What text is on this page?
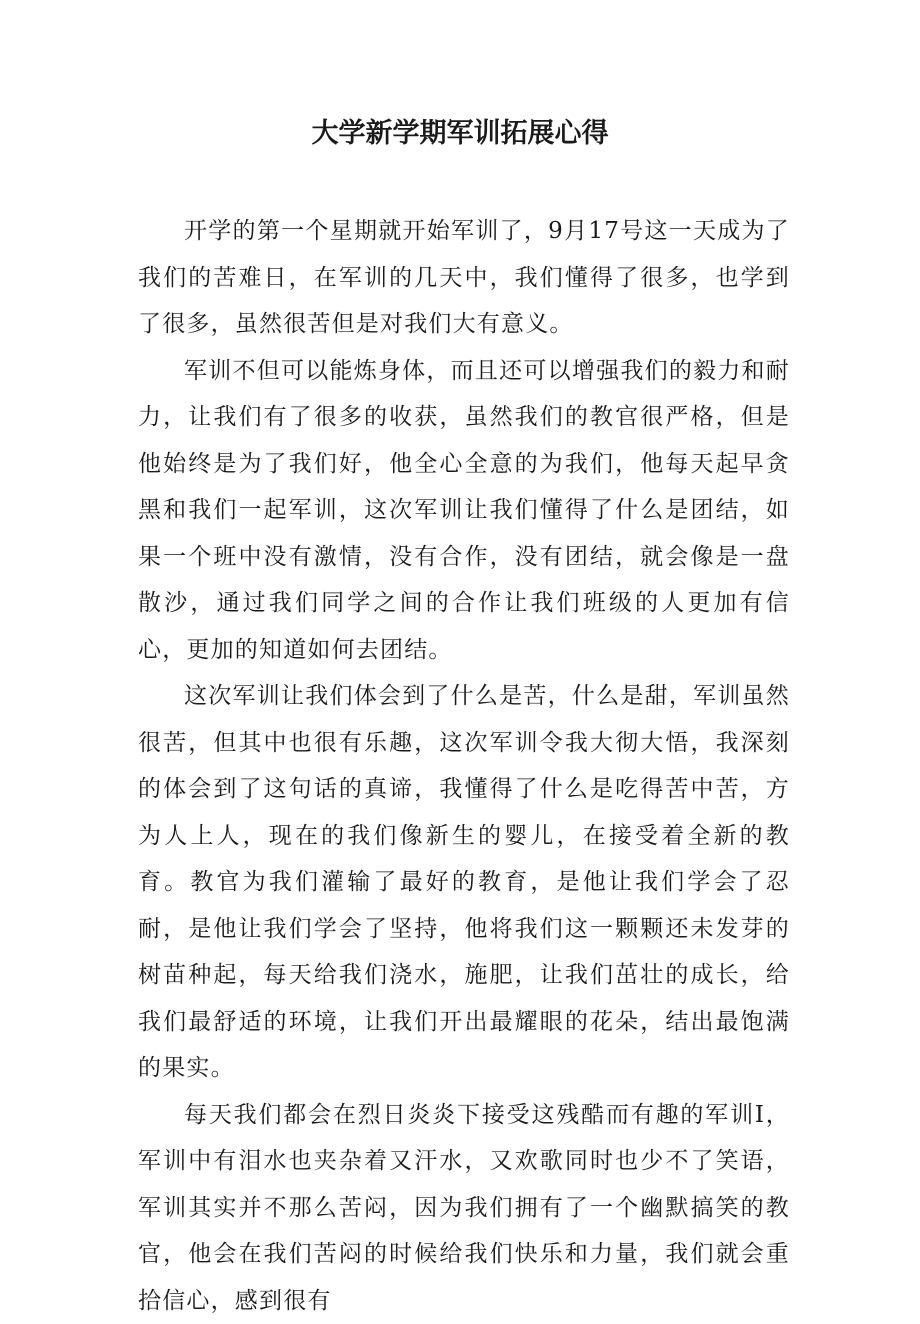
大学新学期军训拓展心得

开学的第一个星期就开始军训了，9月17号这一天成为了我们的苦难日，在军训的几天中，我们懂得了很多，也学到了很多，虽然很苦但是对我们大有意义。

军训不但可以能炼身体，而且还可以增强我们的毅力和耐力，让我们有了很多的收获，虽然我们的教官很严格，但是他始终是为了我们好，他全心全意的为我们，他每天起早贪黑和我们一起军训，这次军训让我们懂得了什么是团结，如果一个班中没有激情，没有合作，没有团结，就会像是一盘散沙，通过我们同学之间的合作让我们班级的人更加有信心，更加的知道如何去团结。

这次军训让我们体会到了什么是苦，什么是甜，军训虽然很苦，但其中也很有乐趣，这次军训令我大彻大悟，我深刻的体会到了这句话的真谛，我懂得了什么是吃得苦中苦，方为人上人，现在的我们像新生的婴儿，在接受着全新的教育。教官为我们灌输了最好的教育，是他让我们学会了忍耐，是他让我们学会了坚持，他将我们这一颗颗还未发芽的树苗种起，每天给我们浇水，施肥，让我们茁壮的成长，给我们最舒适的环境，让我们开出最耀眼的花朵，结出最饱满的果实。

每天我们都会在烈日炎炎下接受这残酷而有趣的军训I，军训中有泪水也夹杂着又汗水，又欢歌同时也少不了笑语，军训其实并不那么苦闷，因为我们拥有了一个幽默搞笑的教官，他会在我们苦闷的时候给我们快乐和力量，我们就会重拾信心，感到很有
